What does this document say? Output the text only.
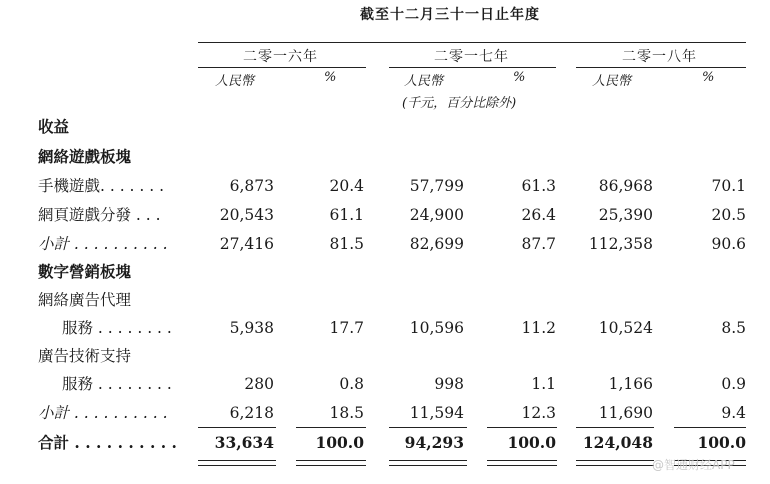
截至十二月三十一日止年度
二零一六年	二零一七年	二零一八年
人民幣	%	人民幣	%	人民幣	%
(千元，百分比除外)
收益
網絡遊戲板塊
手機遊戲. . . . . . .	6,873	20.4	57,799	61.3	86,968	70.1
網頁遊戲分發 . . .	20,543	61.1	24,900	26.4	25,390	20.5
小計 . . . . . . . . . .	27,416	81.5	82,699	87.7 112,358	90.6
數字營銷板塊
網絡廣告代理
服務 . . . . . . . .	5,938	17.7	10,596	11.2	10,524	8.5
廣告技術支持
服務 . . . . . . . .	280	0.8	998	1.1	1,166	0.9
小計 . . . . . . . . . .	6,218	18.5	11,594	12.3	11,690	9.4
合計 . . . . . . . . . . 33,634	100.0	94,293	100.0 124,048	100.0
@智通财经APP
